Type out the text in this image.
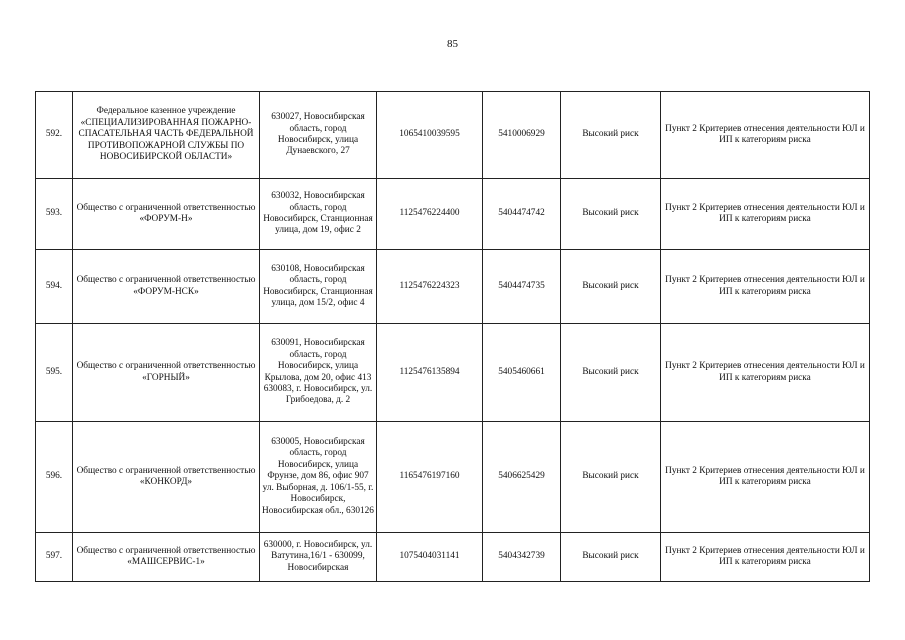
85
592.	Федеральное казенное учреждение «СПЕЦИАЛИЗИРОВАННАЯ ПОЖАРНО-СПАСАТЕЛЬНАЯ ЧАСТЬ ФЕДЕРАЛЬНОЙ ПРОТИВОПОЖАРНОЙ СЛУЖБЫ ПО НОВОСИБИРСКОЙ ОБЛАСТИ»	630027, Новосибирская область, город Новосибирск, улица Дунаевского, 27	1065410039595	5410006929	Высокий риск	Пункт 2 Критериев отнесения деятельности ЮЛ и ИП к категориям риска
593.	Общество с ограниченной ответственностью «ФОРУМ-Н»	630032, Новосибирская область, город Новосибирск, Станционная улица, дом 19, офис 2	1125476224400	5404474742	Высокий риск	Пункт 2 Критериев отнесения деятельности ЮЛ и ИП к категориям риска
594.	Общество с ограниченной ответственностью «ФОРУМ-НСК»	630108, Новосибирская область, город Новосибирск, Станционная улица, дом 15/2, офис 4	1125476224323	5404474735	Высокий риск	Пункт 2 Критериев отнесения деятельности ЮЛ и ИП к категориям риска
595.	Общество с ограниченной ответственностью «ГОРНЫЙ»	630091, Новосибирская область, город Новосибирск, улица Крылова, дом 20, офис 413
630083, г. Новосибирск, ул. Грибоедова, д. 2	1125476135894	5405460661	Высокий риск	Пункт 2 Критериев отнесения деятельности ЮЛ и ИП к категориям риска
596.	Общество с ограниченной ответственностью «КОНКОРД»	630005, Новосибирская область, город Новосибирск, улица Фрунзе, дом 86, офис 907
ул. Выборная, д. 106/1-55, г. Новосибирск, Новосибирская обл., 630126	1165476197160	5406625429	Высокий риск	Пункт 2 Критериев отнесения деятельности ЮЛ и ИП к категориям риска
597.	Общество с ограниченной ответственностью «МАШСЕРВИС-1»	630000, г. Новосибирск, ул. Ватутина,16/1 - 630099, Новосибирская	1075404031141	5404342739	Высокий риск	Пункт 2 Критериев отнесения деятельности ЮЛ и ИП к категориям риска
